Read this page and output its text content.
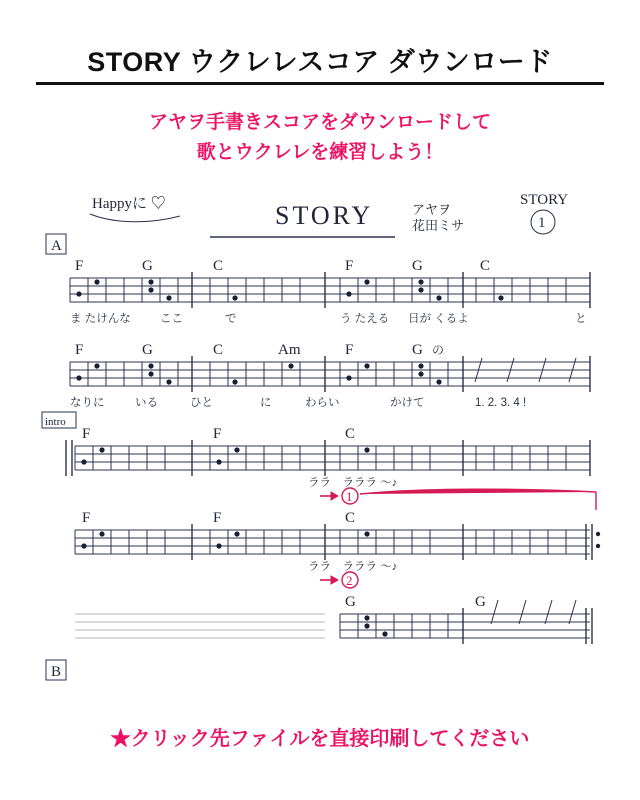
STORY ウクレレスコア ダウンロード
アヤヲ手書きスコアをダウンロードして
歌とウクレレを練習しよう！
Happyに ♡	STORY	アヤヲ
花田ミサ
STORY
1
A
F	G	C	F	G	C
ま たけんな	ここ	で	う たえる 日が くるよ	と
F	G	C	Am	F	G の
なりに	いる	ひと	に	わらい	かけて	1. 2. 3. 4 !
intro
F	F	C
ララ　ラララ 〜♪
1
F	F	C
ララ　ラララ 〜♪
2
G	G
B
★クリック先ファイルを直接印刷してください
